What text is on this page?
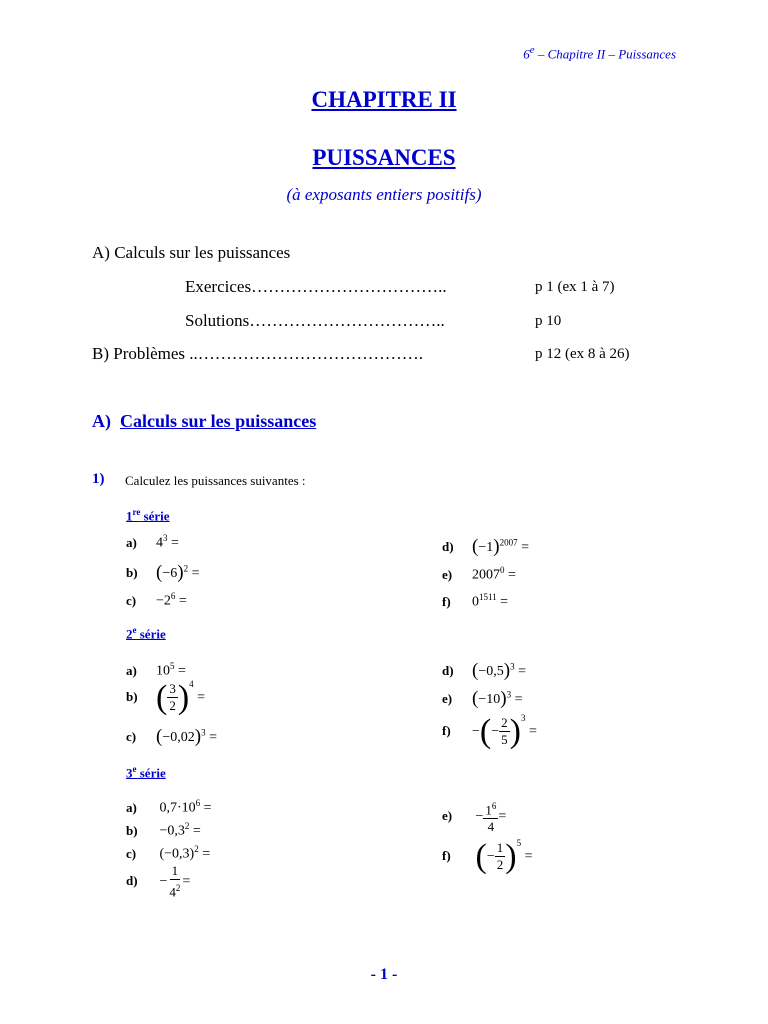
6e – Chapitre II – Puissances
CHAPITRE II
PUISSANCES
(à exposants entiers positifs)
A) Calculs sur les puissances
Exercices……………………………..	p 1 (ex 1 à 7)
Solutions……………………………..	p 10
B) Problèmes ..………………………………….	p 12 (ex 8 à 26)
A) Calculs sur les puissances
1) Calculez les puissances suivantes :
1re série
a) $4^3$ =
b) $(-6)^2$ =
$c) -2^6$ =
d) $(-1)^{2007}$ =
e) $2007^0$ =
f) $0^{1511}$ =
$2^e$ série
a) $10^5$ =
b) ( $\frac{3}{2} )^4$ =
c) $(-0,02)^3$ =
d) $(-0,5)^3$ =
e) $(-10)^3$ =
f) −(− $\frac{2}{5} )^3$ =
$3^e$ série
a) $0,7\cdot 10^6$ =
$b) -0,3^2$ =
c) $(-0,3)^2$ =
$d) - \frac{1}{4^2}$ =
$e) - \frac{1^6}{4}$ =
f) (− $\frac{1}{2} )^5$ =
- 1 -
